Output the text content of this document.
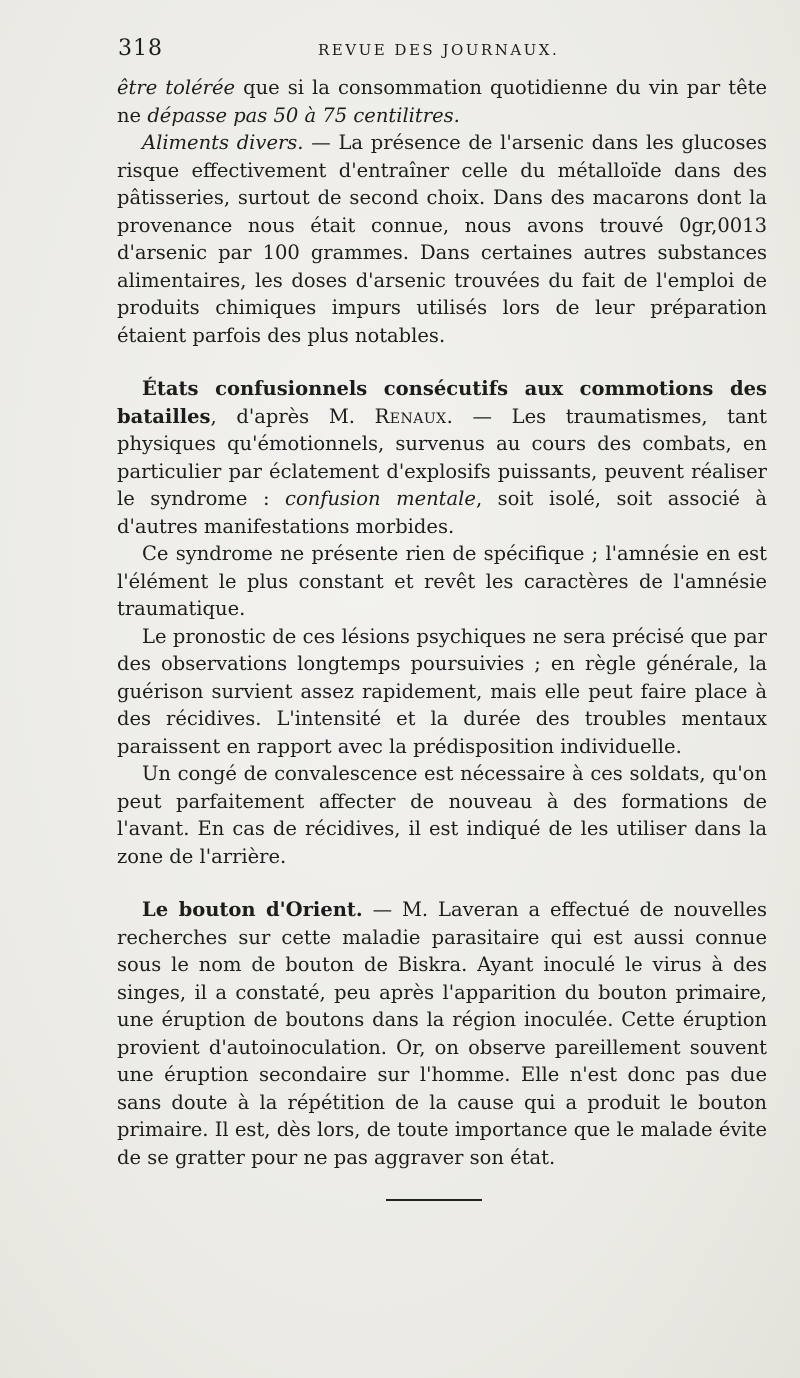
318	REVUE DES JOURNAUX.

être tolérée que si la consommation quotidienne du vin par tête ne dépasse pas 50 à 75 centilitres.

Aliments divers. — La présence de l'arsenic dans les glucoses risque effectivement d'entraîner celle du métalloïde dans des pâtisseries, surtout de second choix. Dans des macarons dont la provenance nous était connue, nous avons trouvé 0gr,0013 d'arsenic par 100 grammes. Dans certaines autres substances alimentaires, les doses d'arsenic trouvées du fait de l'emploi de produits chimiques impurs utilisés lors de leur préparation étaient parfois des plus notables.

États confusionnels consécutifs aux commotions des batailles, d'après M. Renaux. — Les traumatismes, tant physiques qu'émotionnels, survenus au cours des combats, en particulier par éclatement d'explosifs puissants, peuvent réaliser le syndrome : confusion mentale, soit isolé, soit associé à d'autres manifestations morbides.

Ce syndrome ne présente rien de spécifique ; l'amnésie en est l'élément le plus constant et revêt les caractères de l'amnésie traumatique.

Le pronostic de ces lésions psychiques ne sera précisé que par des observations longtemps poursuivies ; en règle générale, la guérison survient assez rapidement, mais elle peut faire place à des récidives. L'intensité et la durée des troubles mentaux paraissent en rapport avec la prédisposition individuelle.

Un congé de convalescence est nécessaire à ces soldats, qu'on peut parfaitement affecter de nouveau à des formations de l'avant. En cas de récidives, il est indiqué de les utiliser dans la zone de l'arrière.

Le bouton d'Orient. — M. Laveran a effectué de nouvelles recherches sur cette maladie parasitaire qui est aussi connue sous le nom de bouton de Biskra. Ayant inoculé le virus à des singes, il a constaté, peu après l'apparition du bouton primaire, une éruption de boutons dans la région inoculée. Cette éruption provient d'autoinoculation. Or, on observe pareillement souvent une éruption secondaire sur l'homme. Elle n'est donc pas due sans doute à la répétition de la cause qui a produit le bouton primaire. Il est, dès lors, de toute importance que le malade évite de se gratter pour ne pas aggraver son état.
